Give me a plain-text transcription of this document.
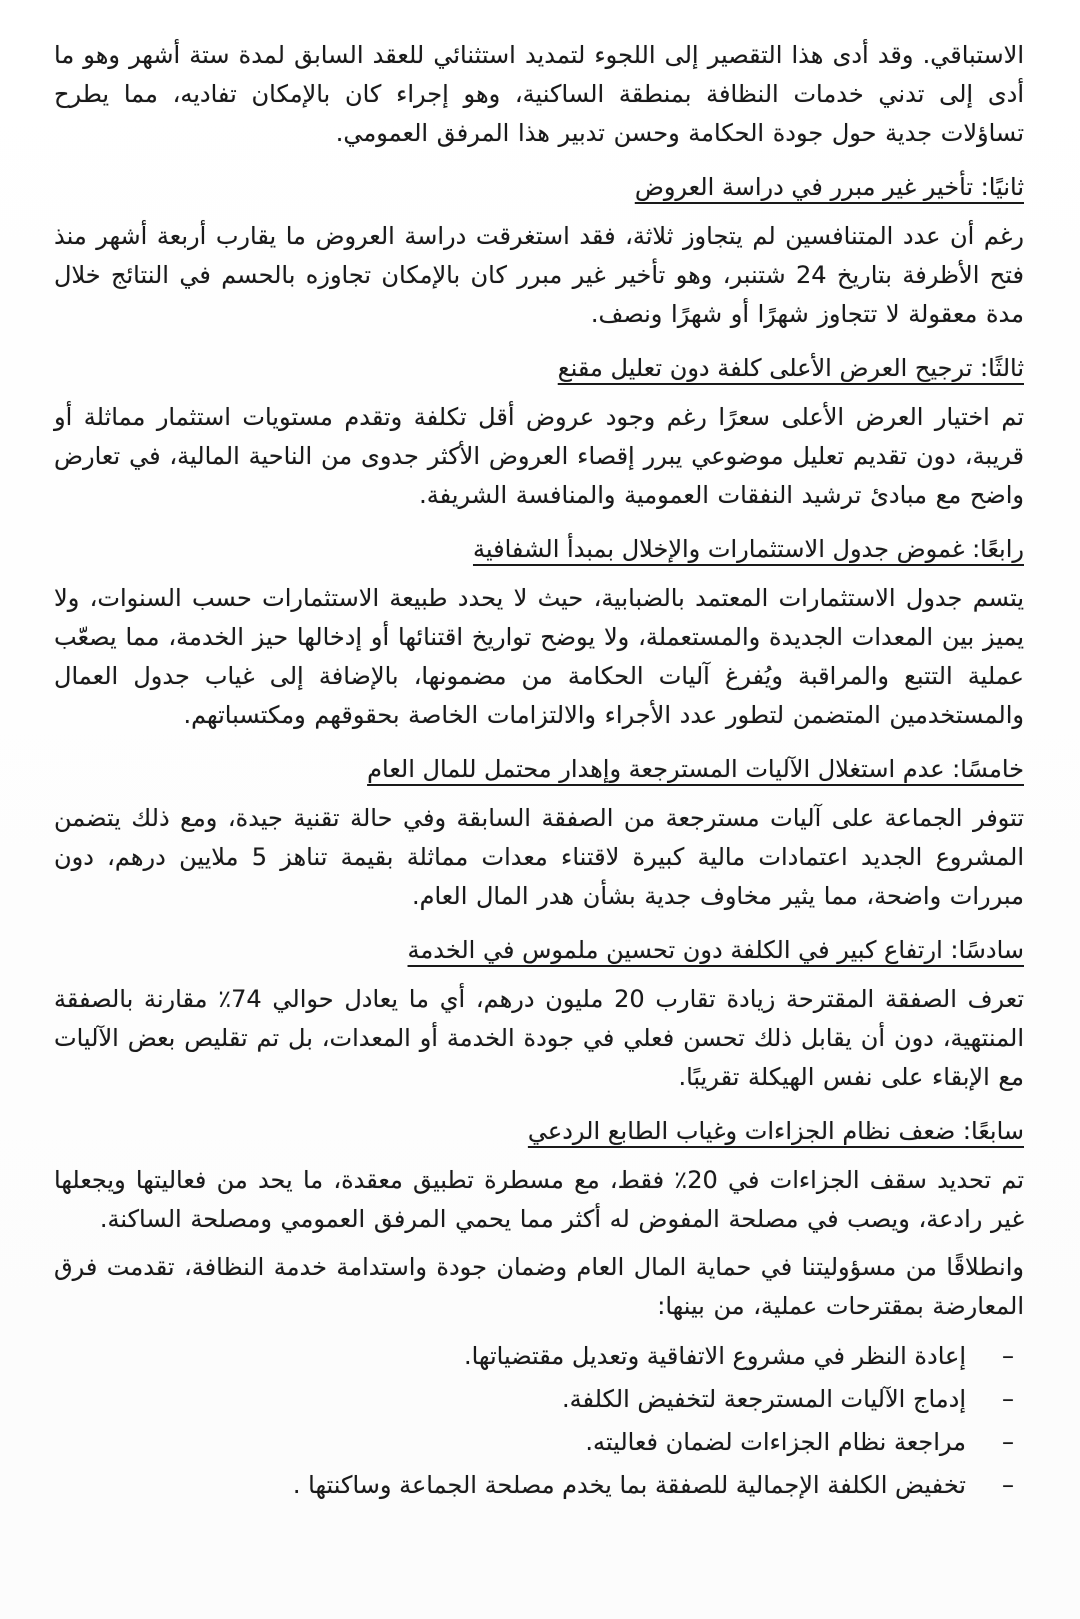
الاستباقي. وقد أدى هذا التقصير إلى اللجوء لتمديد استثنائي للعقد السابق لمدة ستة أشهر وهو ما أدى إلى تدني خدمات النظافة بمنطقة الساكنية، وهو إجراء كان بالإمكان تفاديه، مما يطرح تساؤلات جدية حول جودة الحكامة وحسن تدبير هذا المرفق العمومي.

ثانيًا: تأخير غير مبرر في دراسة العروض

رغم أن عدد المتنافسين لم يتجاوز ثلاثة، فقد استغرقت دراسة العروض ما يقارب أربعة أشهر منذ فتح الأظرفة بتاريخ 24 شتنبر، وهو تأخير غير مبرر كان بالإمكان تجاوزه بالحسم في النتائج خلال مدة معقولة لا تتجاوز شهرًا أو شهرًا ونصف.

ثالثًا: ترجيح العرض الأعلى كلفة دون تعليل مقنع

تم اختيار العرض الأعلى سعرًا رغم وجود عروض أقل تكلفة وتقدم مستويات استثمار مماثلة أو قريبة، دون تقديم تعليل موضوعي يبرر إقصاء العروض الأكثر جدوى من الناحية المالية، في تعارض واضح مع مبادئ ترشيد النفقات العمومية والمنافسة الشريفة.

رابعًا: غموض جدول الاستثمارات والإخلال بمبدأ الشفافية

يتسم جدول الاستثمارات المعتمد بالضبابية، حيث لا يحدد طبيعة الاستثمارات حسب السنوات، ولا يميز بين المعدات الجديدة والمستعملة، ولا يوضح تواريخ اقتنائها أو إدخالها حيز الخدمة، مما يصعّب عملية التتبع والمراقبة ويُفرغ آليات الحكامة من مضمونها، بالإضافة إلى غياب جدول العمال والمستخدمين المتضمن لتطور عدد الأجراء والالتزامات الخاصة بحقوقهم ومكتسباتهم.

خامسًا: عدم استغلال الآليات المسترجعة وإهدار محتمل للمال العام

تتوفر الجماعة على آليات مسترجعة من الصفقة السابقة وفي حالة تقنية جيدة، ومع ذلك يتضمن المشروع الجديد اعتمادات مالية كبيرة لاقتناء معدات مماثلة بقيمة تناهز 5 ملايين درهم، دون مبررات واضحة، مما يثير مخاوف جدية بشأن هدر المال العام.

سادسًا: ارتفاع كبير في الكلفة دون تحسين ملموس في الخدمة

تعرف الصفقة المقترحة زيادة تقارب 20 مليون درهم، أي ما يعادل حوالي 74٪ مقارنة بالصفقة المنتهية، دون أن يقابل ذلك تحسن فعلي في جودة الخدمة أو المعدات، بل تم تقليص بعض الآليات مع الإبقاء على نفس الهيكلة تقريبًا.

سابعًا: ضعف نظام الجزاءات وغياب الطابع الردعي

تم تحديد سقف الجزاءات في 20٪ فقط، مع مسطرة تطبيق معقدة، ما يحد من فعاليتها ويجعلها غير رادعة، ويصب في مصلحة المفوض له أكثر مما يحمي المرفق العمومي ومصلحة الساكنة.

وانطلاقًا من مسؤوليتنا في حماية المال العام وضمان جودة واستدامة خدمة النظافة، تقدمت فرق المعارضة بمقترحات عملية، من بينها:

–
إعادة النظر في مشروع الاتفاقية وتعديل مقتضياتها.
–
إدماج الآليات المسترجعة لتخفيض الكلفة.
–
مراجعة نظام الجزاءات لضمان فعاليته.
–
تخفيض الكلفة الإجمالية للصفقة بما يخدم مصلحة الجماعة وساكنتها .
